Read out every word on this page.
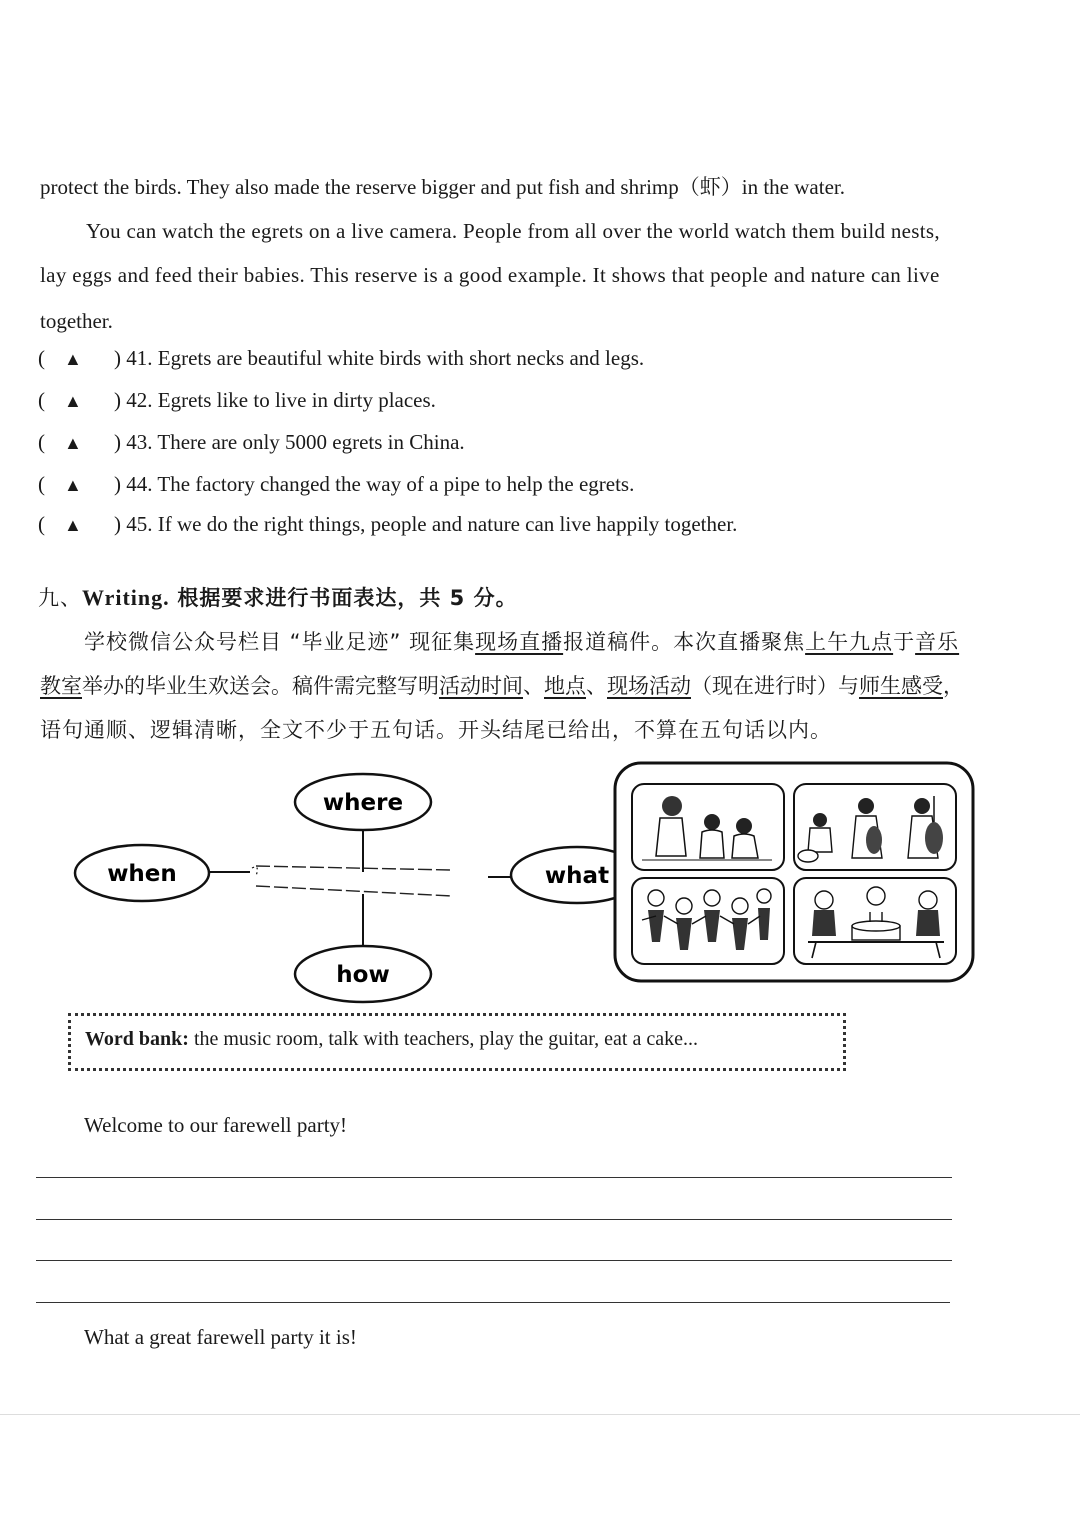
protect the birds. They also made the reserve bigger and put fish and shrimp（虾）in the water.
You can watch the egrets on a live camera. People from all over the world watch them build nests,
lay eggs and feed their babies. This reserve is a good example. It shows that people and nature can live
together.
( ▲ ) 41. Egrets are beautiful white birds with short necks and legs.
( ▲ ) 42. Egrets like to live in dirty places.
( ▲ ) 43. There are only 5000 egrets in China.
( ▲ ) 44. The factory changed the way of a pipe to help the egrets.
( ▲ ) 45. If we do the right things, people and nature can live happily together.
九、Writing. 根据要求进行书面表达，共 5 分。
学校微信公众号栏目 “毕业足迹” 现征集现场直播报道稿件。本次直播聚焦上午九点于音乐
教室举办的毕业生欢送会。稿件需完整写明活动时间、地点、现场活动（现在进行时）与师生感受，
语句通顺、逻辑清晰，全文不少于五句话。开头结尾已给出，不算在五句话以内。
where
when	what
how
Word bank: the music room, talk with teachers, play the guitar, eat a cake...
Welcome to our farewell party!
What a great farewell party it is!
